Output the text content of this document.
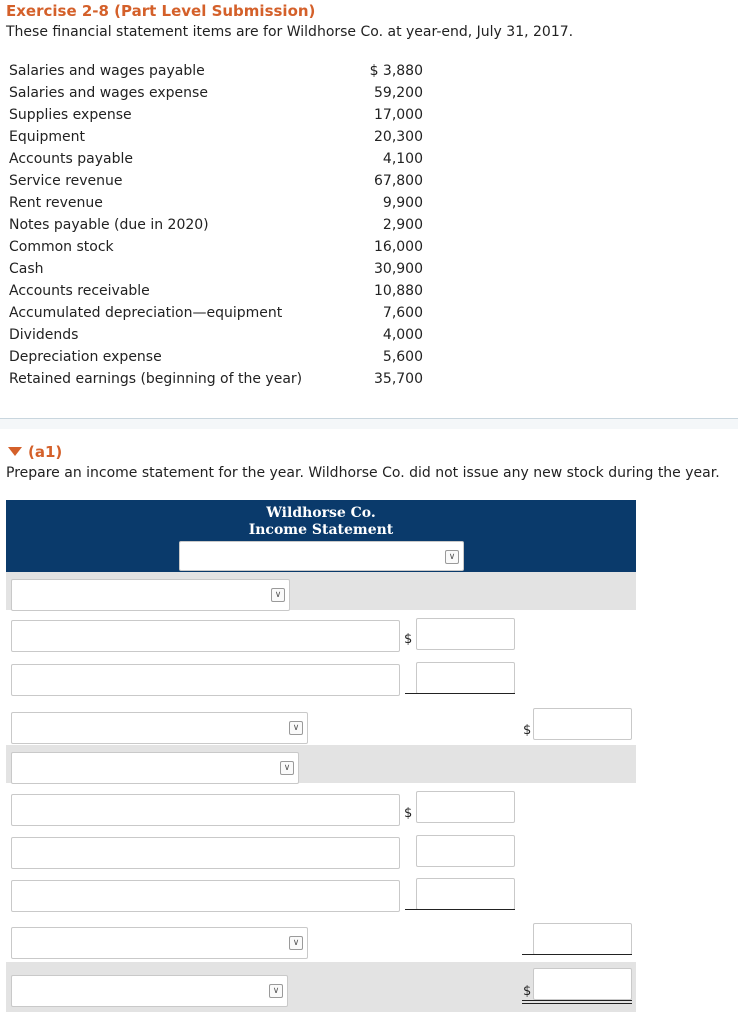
Exercise 2-8 (Part Level Submission)
These financial statement items are for Wildhorse Co. at year-end, July 31, 2017.
Salaries and wages payable	$ 3,880
Salaries and wages expense	59,200
Supplies expense	17,000
Equipment	20,300
Accounts payable	4,100
Service revenue	67,800
Rent revenue	9,900
Notes payable (due in 2020)	2,900
Common stock	16,000
Cash	30,900
Accounts receivable	10,880
Accumulated depreciation—equipment	7,600
Dividends	4,000
Depreciation expense	5,600
Retained earnings (beginning of the year)	35,700
(a1)
Prepare an income statement for the year. Wildhorse Co. did not issue any new stock during the year.
Wildhorse Co.
Income Statement
∨
∨
$
∨	$
∨
$
∨
∨	$
